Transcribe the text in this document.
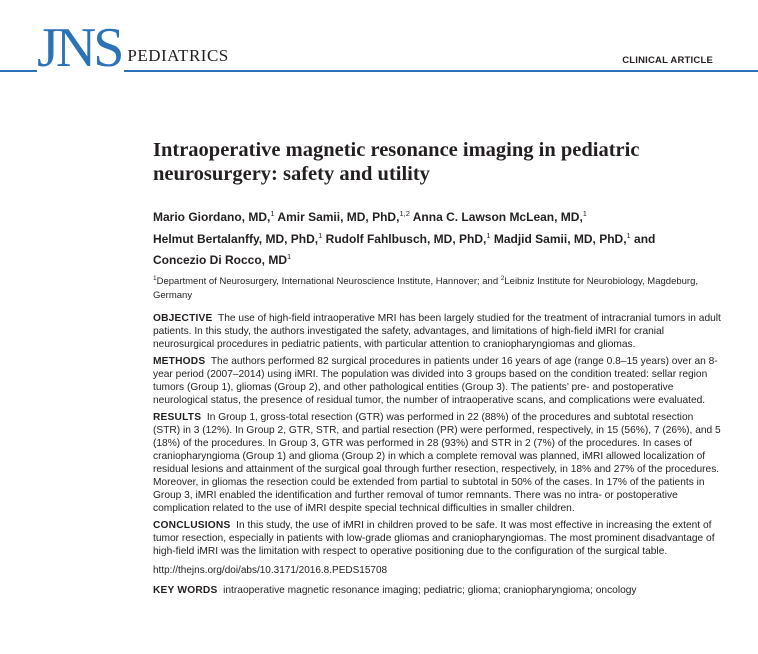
JNS PEDIATRICS	CLINICAL ARTICLE
Intraoperative magnetic resonance imaging in pediatric neurosurgery: safety and utility

Mario Giordano, MD,$^1$ Amir Samii, MD, PhD,$^{1,2}$ Anna C. Lawson McLean, MD,$^1$
Helmut Bertalanffy, MD, PhD,$^1$ Rudolf Fahlbusch, MD, PhD,$^1$ Madjid Samii, MD, PhD,$^1$ and
Concezio Di Rocco, $MD^1$

$^1$Department of Neurosurgery, International Neuroscience Institute, Hannover; and $^2$Leibniz Institute for Neurobiology, Magdeburg, Germany

OBJECTIVE The use of high-field intraoperative MRI has been largely studied for the treatment of intracranial tumors in adult patients. In this study, the authors investigated the safety, advantages, and limitations of high-field iMRI for cranial neurosurgical procedures in pediatric patients, with particular attention to craniopharyngiomas and gliomas.

METHODS The authors performed 82 surgical procedures in patients under 16 years of age (range 0.8–15 years) over an 8-year period (2007–2014) using iMRI. The population was divided into 3 groups based on the condition treated: sellar region tumors (Group 1), gliomas (Group 2), and other pathological entities (Group 3). The patients’ pre- and postoperative neurological status, the presence of residual tumor, the number of intraoperative scans, and complications were evaluated.

RESULTS In Group 1, gross-total resection (GTR) was performed in 22 (88%) of the procedures and subtotal resection (STR) in 3 (12%). In Group 2, GTR, STR, and partial resection (PR) were performed, respectively, in 15 (56%), 7 (26%), and 5 (18%) of the procedures. In Group 3, GTR was performed in 28 (93%) and STR in 2 (7%) of the procedures. In cases of craniopharyngioma (Group 1) and glioma (Group 2) in which a complete removal was planned, iMRI allowed localization of residual lesions and attainment of the surgical goal through further resection, respectively, in 18% and 27% of the procedures. Moreover, in gliomas the resection could be extended from partial to subtotal in 50% of the cases. In 17% of the patients in Group 3, iMRI enabled the identification and further removal of tumor remnants. There was no intra- or postoperative complication related to the use of iMRI despite special technical difficulties in smaller children.

CONCLUSIONS In this study, the use of iMRI in children proved to be safe. It was most effective in increasing the extent of tumor resection, especially in patients with low-grade gliomas and craniopharyngiomas. The most prominent disadvantage of high-field iMRI was the limitation with respect to operative positioning due to the configuration of the surgical table.

http://thejns.org/doi/abs/10.3171/2016.8.PEDS15708

KEY WORDS intraoperative magnetic resonance imaging; pediatric; glioma; craniopharyngioma; oncology
